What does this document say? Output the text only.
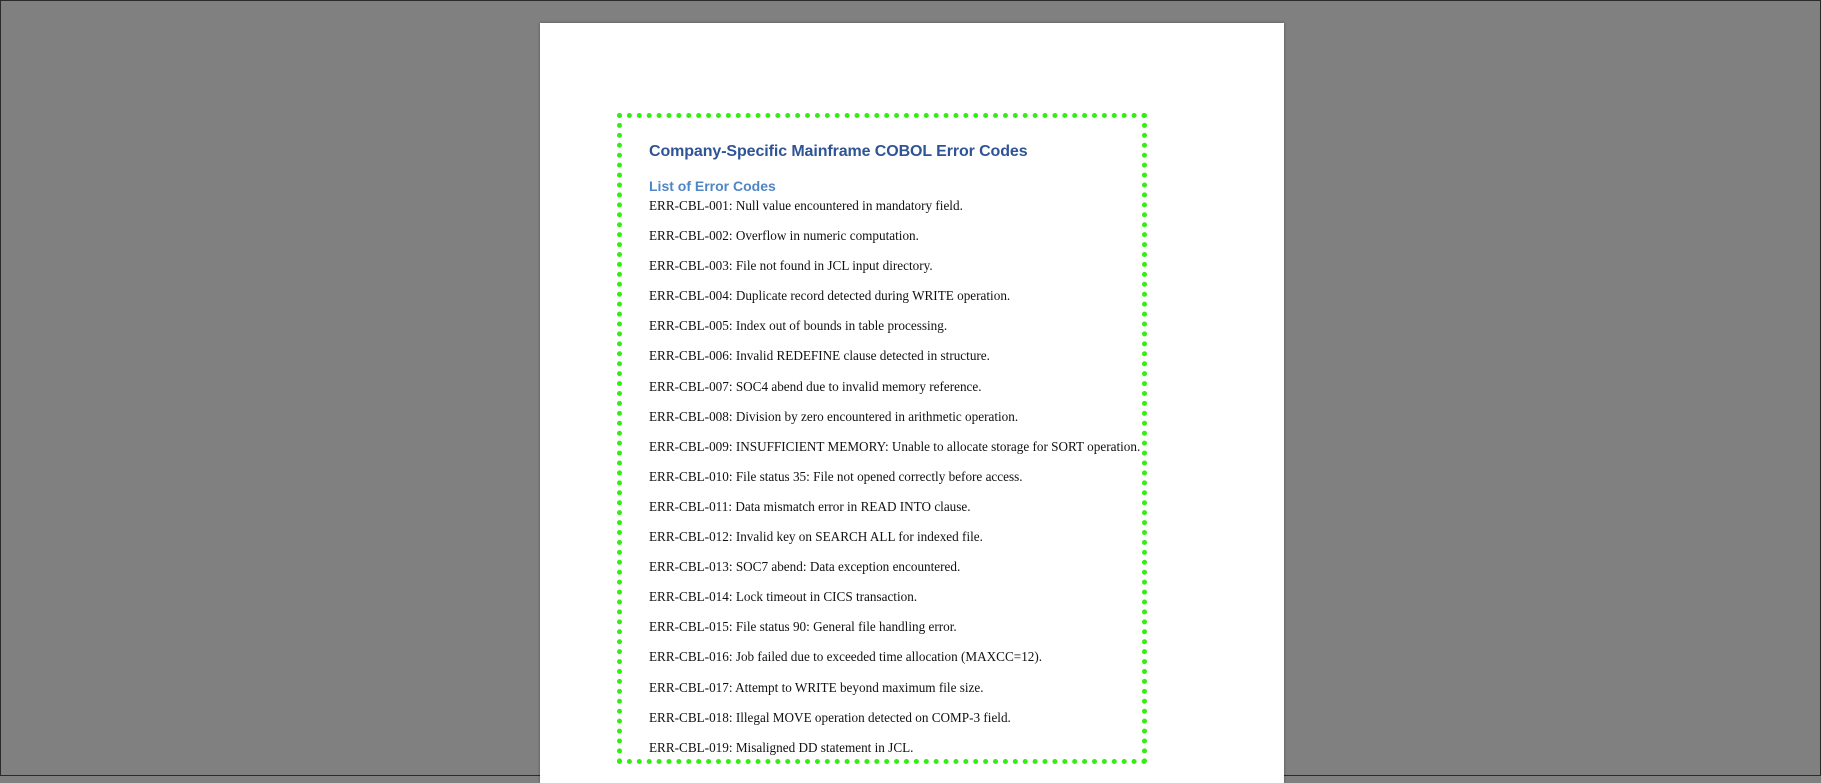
Company-Specific Mainframe COBOL Error Codes
List of Error Codes
ERR-CBL-001: Null value encountered in mandatory field.
ERR-CBL-002: Overflow in numeric computation.
ERR-CBL-003: File not found in JCL input directory.
ERR-CBL-004: Duplicate record detected during WRITE operation.
ERR-CBL-005: Index out of bounds in table processing.
ERR-CBL-006: Invalid REDEFINE clause detected in structure.
ERR-CBL-007: SOC4 abend due to invalid memory reference.
ERR-CBL-008: Division by zero encountered in arithmetic operation.
ERR-CBL-009: INSUFFICIENT MEMORY: Unable to allocate storage for SORT operation.
ERR-CBL-010: File status 35: File not opened correctly before access.
ERR-CBL-011: Data mismatch error in READ INTO clause.
ERR-CBL-012: Invalid key on SEARCH ALL for indexed file.
ERR-CBL-013: SOC7 abend: Data exception encountered.
ERR-CBL-014: Lock timeout in CICS transaction.
ERR-CBL-015: File status 90: General file handling error.
ERR-CBL-016: Job failed due to exceeded time allocation (MAXCC=12).
ERR-CBL-017: Attempt to WRITE beyond maximum file size.
ERR-CBL-018: Illegal MOVE operation detected on COMP-3 field.
ERR-CBL-019: Misaligned DD statement in JCL.
